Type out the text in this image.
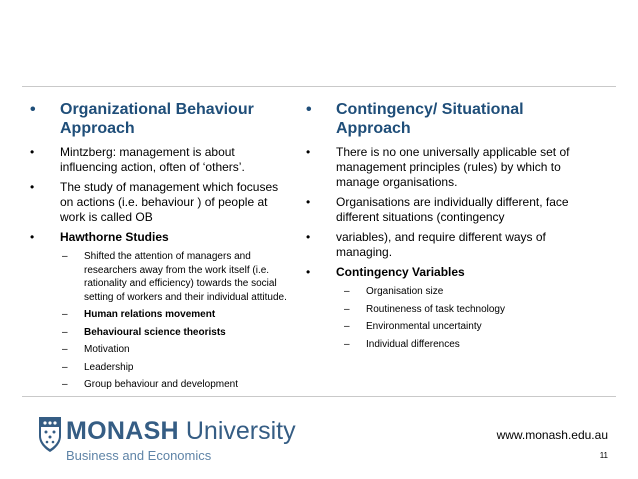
•	Organizational Behaviour Approach
•	Mintzberg: management is about influencing action, often of ‘others’.
•	The study of management which focuses on actions (i.e. behaviour ) of people at work is called OB
•	Hawthorne Studies
–	Shifted the attention of managers and researchers away from the work itself (i.e. rationality and efficiency) towards the social setting of workers and their individual attitude.
–	Human relations movement
–	Behavioural science theorists
–	Motivation
–	Leadership
–	Group behaviour and development
•	Contingency/ Situational Approach
•	There is no one universally applicable set of management principles (rules) by which to manage organisations.
•	Organisations are individually different, face different situations (contingency
•	variables), and require different ways of managing.
•	Contingency Variables
–	Organisation size
–	Routineness of task technology
–	Environmental uncertainty
–	Individual differences
MONASH University
Business and Economics
www.monash.edu.au
11
